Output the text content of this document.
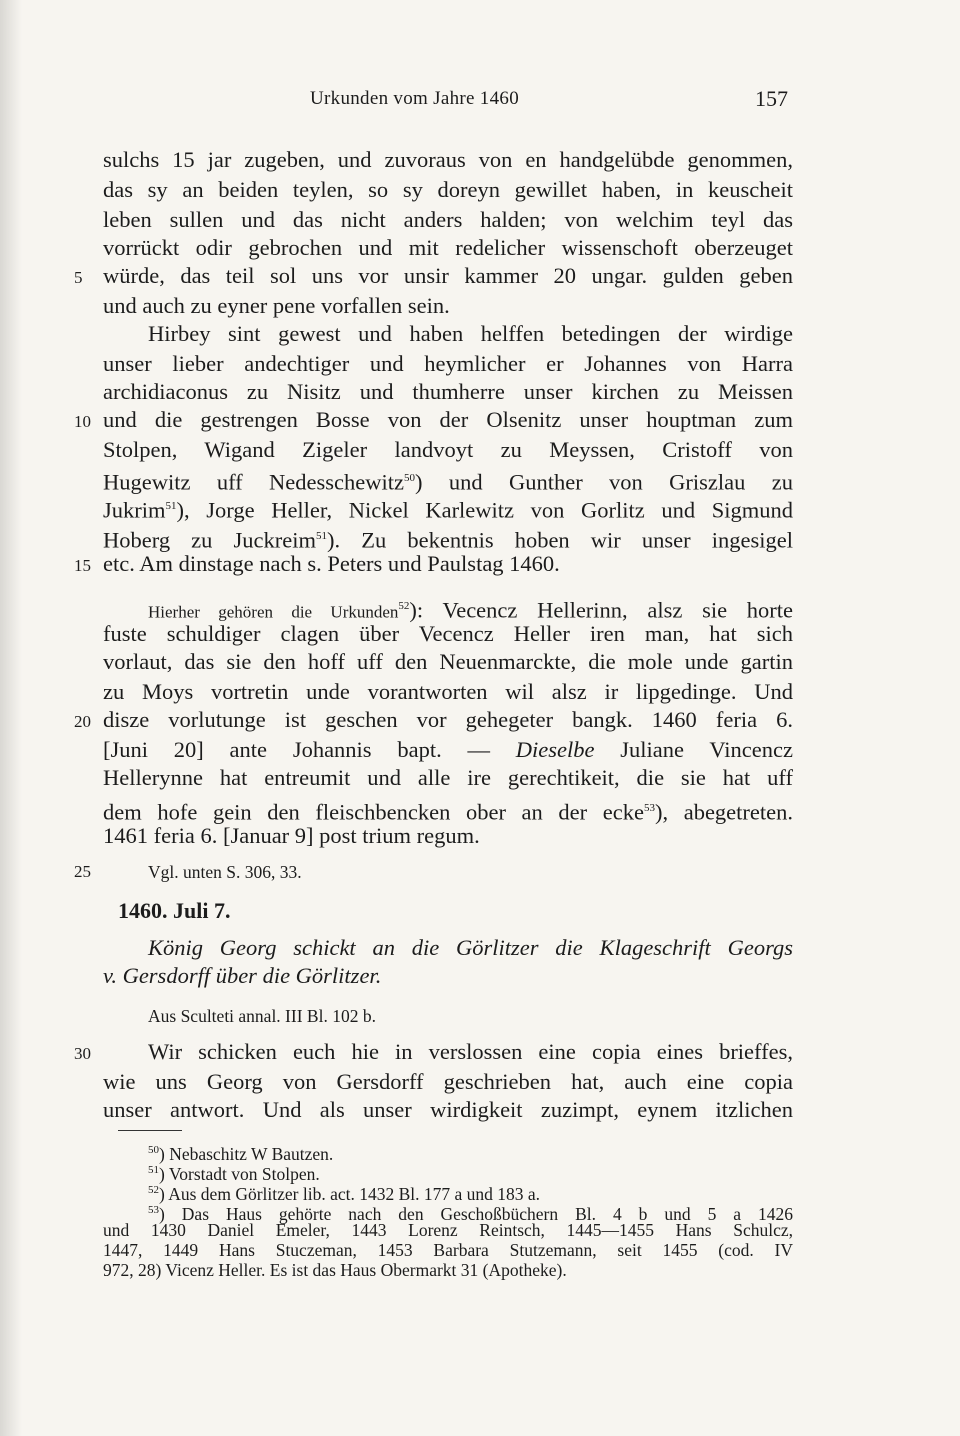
Urkunden vom Jahre 1460	157
sulchs 15 jar zugeben, und zuvoraus von en handgelübde genommen,
das sy an beiden teylen, so sy doreyn gewillet haben, in keuscheit
leben sullen und das nicht anders halden; von welchim teyl das
vorrückt odir gebrochen und mit redelicher wissenschoft oberzeuget
5 würde, das teil sol uns vor unsir kammer 20 ungar. gulden geben
und auch zu eyner pene vorfallen sein.
Hirbey sint gewest und haben helffen betedingen der wirdige
unser lieber andechtiger und heymlicher er Johannes von Harra
archidiaconus zu Nisitz und thumherre unser kirchen zu Meissen
10 und die gestrengen Bosse von der Olsenitz unser houptman zum
Stolpen, Wigand Zigeler landvoyt zu Meyssen, Cristoff von
Hugewitz uff Nedesschewitz$^{50}$) und Gunther von Griszlau zu
Jukrim$^{51}$), Jorge Heller, Nickel Karlewitz von Gorlitz und Sigmund
Hoberg zu Juckreim$^{51}$). Zu bekentnis hoben wir unser ingesigel
15 etc. Am dinstage nach s. Peters und Paulstag 1460.
Hierher gehören die Urkunden$^{52}$): Vecencz Hellerinn, alsz sie horte
fuste schuldiger clagen über Vecencz Heller iren man, hat sich
vorlaut, das sie den hoff uff den Neuenmarckte, die mole unde gartin
zu Moys vortretin unde vorantworten wil alsz ir lipgedinge. Und
20 disze vorlutunge ist geschen vor gehegeter bangk. 1460 feria 6.
[Juni 20] ante Johannis bapt. — Dieselbe Juliane Vincencz
Hellerynne hat entreumit und alle ire gerechtikeit, die sie hat uff
dem hofe gein den fleischbencken ober an der ecke$^{53}$), abegetreten.
1461 feria 6. [Januar 9] post trium regum.
25	Vgl. unten S. 306, 33.
1460. Juli 7.
König Georg schickt an die Görlitzer die Klageschrift Georgs
v. Gersdorff über die Görlitzer.
Aus Sculteti annal. III Bl. 102 b.
30	Wir schicken euch hie in verslossen eine copia eines brieffes,
wie uns Georg von Gersdorff geschrieben hat, auch eine copia
unser antwort. Und als unser wirdigkeit zuzimpt, eynem itzlichen
$^{50}$) Nebaschitz W Bautzen.
$^{51}$) Vorstadt von Stolpen.
$^{52}$) Aus dem Görlitzer lib. act. 1432 Bl. 177 a und 183 a.
$^{53}$) Das Haus gehörte nach den Geschoßbüchern Bl. 4 b und 5 a 1426
und 1430 Daniel Emeler, 1443 Lorenz Reintsch, 1445—1455 Hans Schulcz,
1447, 1449 Hans Stuczeman, 1453 Barbara Stutzemann, seit 1455 (cod. IV
972, 28) Vicenz Heller. Es ist das Haus Obermarkt 31 (Apotheke).
